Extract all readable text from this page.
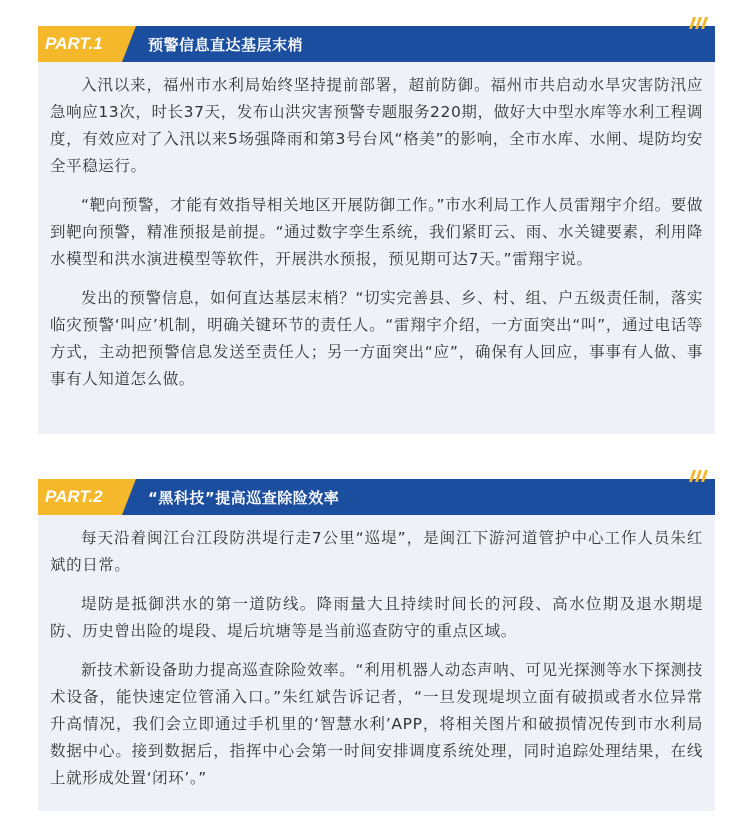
PART.1	预警信息直达基层末梢

入汛以来，福州市水利局始终坚持提前部署，超前防御。福州市共启动水旱灾害防汛应急响应13次，时长37天，发布山洪灾害预警专题服务220期，做好大中型水库等水利工程调度，有效应对了入汛以来5场强降雨和第3号台风“格美”的影响，全市水库、水闸、堤防均安全平稳运行。

“靶向预警，才能有效指导相关地区开展防御工作。”市水利局工作人员雷翔宇介绍。要做到靶向预警，精准预报是前提。“通过数字孪生系统，我们紧盯云、雨、水关键要素，利用降水模型和洪水演进模型等软件，开展洪水预报，预见期可达7天。”雷翔宇说。

发出的预警信息，如何直达基层末梢？“切实完善县、乡、村、组、户五级责任制，落实临灾预警‘叫应’机制，明确关键环节的责任人。“雷翔宇介绍，一方面突出“叫”，通过电话等方式，主动把预警信息发送至责任人；另一方面突出“应”，确保有人回应，事事有人做、事事有人知道怎么做。

PART.2	“黑科技”提高巡查除险效率

每天沿着闽江台江段防洪堤行走7公里“巡堤”，是闽江下游河道管护中心工作人员朱红斌的日常。

堤防是抵御洪水的第一道防线。降雨量大且持续时间长的河段、高水位期及退水期堤防、历史曾出险的堤段、堤后坑塘等是当前巡查防守的重点区域。

新技术新设备助力提高巡查除险效率。“利用机器人动态声呐、可见光探测等水下探测技术设备，能快速定位管涌入口。”朱红斌告诉记者，“一旦发现堤坝立面有破损或者水位异常升高情况，我们会立即通过手机里的‘智慧水利’APP，将相关图片和破损情况传到市水利局数据中心。接到数据后，指挥中心会第一时间安排调度系统处理，同时追踪处理结果，在线上就形成处置‘闭环’。”
